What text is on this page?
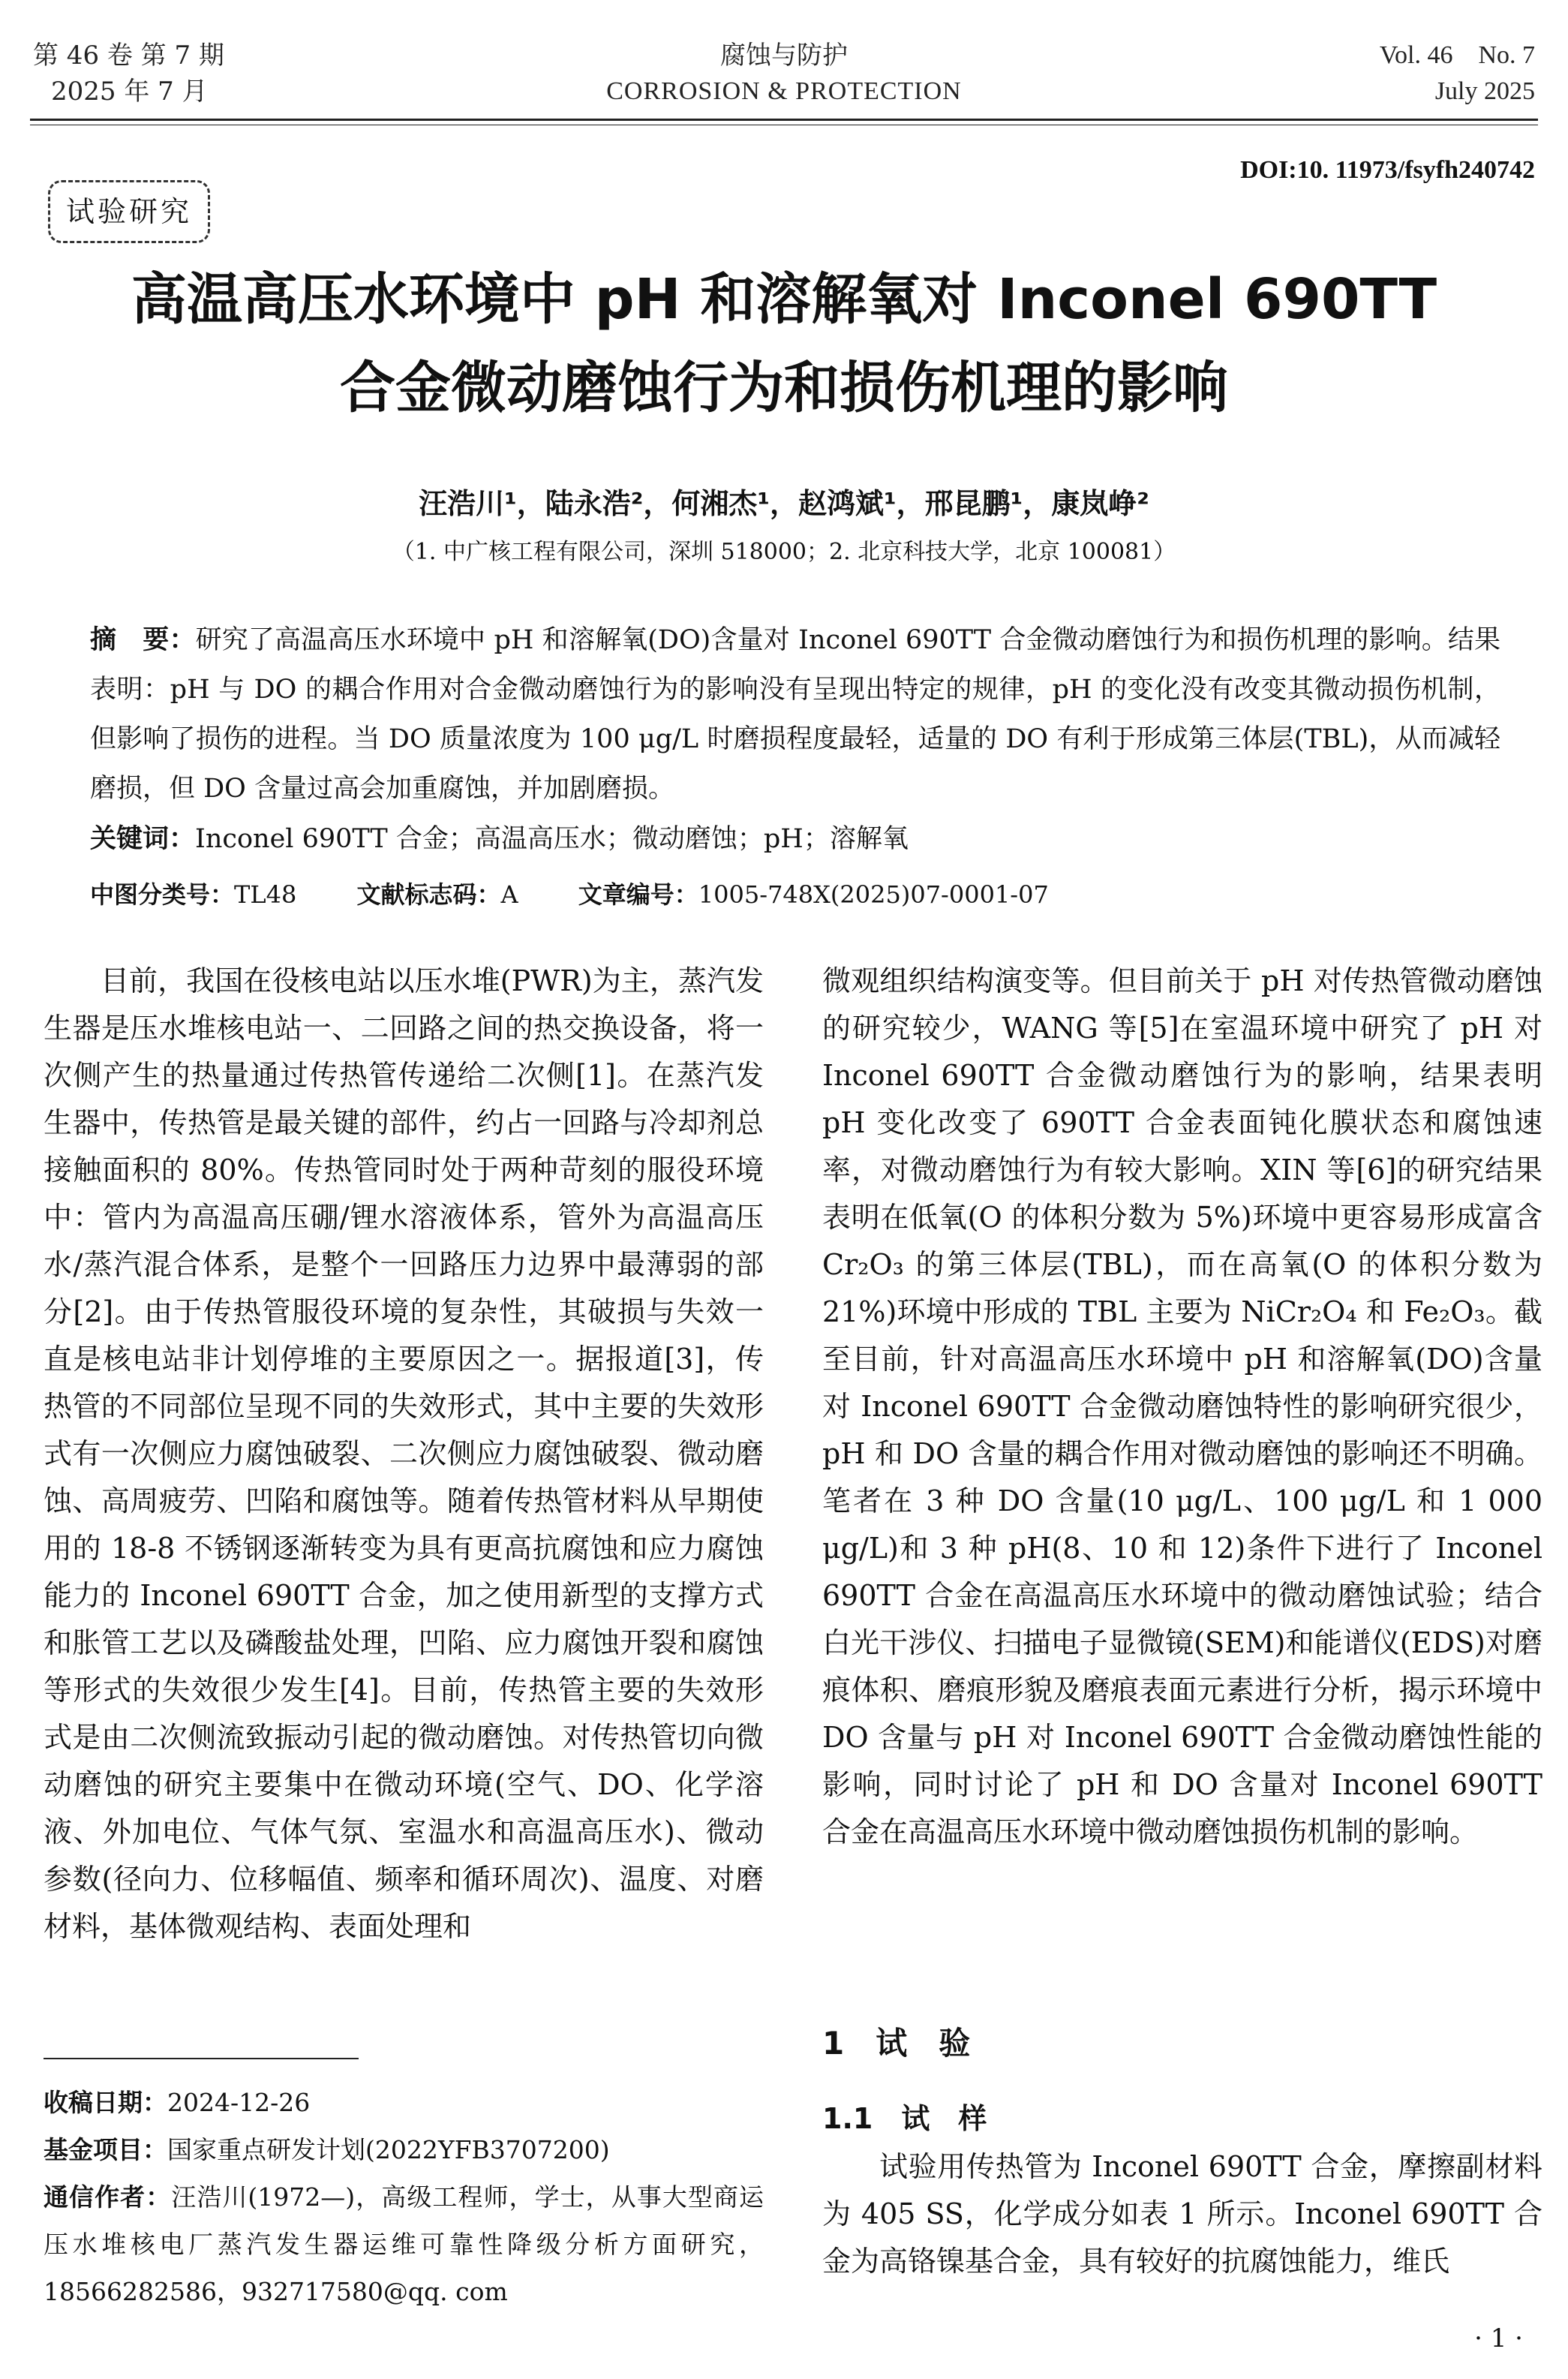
第 46 卷 第 7 期
2025 年 7 月
腐蚀与防护
CORROSION & PROTECTION
Vol. 46    No. 7
July 2025
DOI:10. 11973/fsyfh240742
试验研究
高温高压水环境中 pH 和溶解氧对 Inconel 690TT
合金微动磨蚀行为和损伤机理的影响
汪浩川¹，陆永浩²，何湘杰¹，赵鸿斌¹，邢昆鹏¹，康岚峥²
（1. 中广核工程有限公司，深圳 518000；2. 北京科技大学，北京 100081）
摘　要：研究了高温高压水环境中 pH 和溶解氧(DO)含量对 Inconel 690TT 合金微动磨蚀行为和损伤机理的影响。结果表明：pH 与 DO 的耦合作用对合金微动磨蚀行为的影响没有呈现出特定的规律，pH 的变化没有改变其微动损伤机制，但影响了损伤的进程。当 DO 质量浓度为 100 μg/L 时磨损程度最轻，适量的 DO 有利于形成第三体层(TBL)，从而减轻磨损，但 DO 含量过高会加重腐蚀，并加剧磨损。
关键词：Inconel 690TT 合金；高温高压水；微动磨蚀；pH；溶解氧
中图分类号：TL48	文献标志码：A	文章编号：1005-748X(2025)07-0001-07

目前，我国在役核电站以压水堆(PWR)为主，蒸汽发生器是压水堆核电站一、二回路之间的热交换设备，将一次侧产生的热量通过传热管传递给二次侧[1]。在蒸汽发生器中，传热管是最关键的部件，约占一回路与冷却剂总接触面积的 80%。传热管同时处于两种苛刻的服役环境中：管内为高温高压硼/锂水溶液体系，管外为高温高压水/蒸汽混合体系，是整个一回路压力边界中最薄弱的部分[2]。由于传热管服役环境的复杂性，其破损与失效一直是核电站非计划停堆的主要原因之一。据报道[3]，传热管的不同部位呈现不同的失效形式，其中主要的失效形式有一次侧应力腐蚀破裂、二次侧应力腐蚀破裂、微动磨蚀、高周疲劳、凹陷和腐蚀等。随着传热管材料从早期使用的 18-8 不锈钢逐渐转变为具有更高抗腐蚀和应力腐蚀能力的 Inconel 690TT 合金，加之使用新型的支撑方式和胀管工艺以及磷酸盐处理，凹陷、应力腐蚀开裂和腐蚀等形式的失效很少发生[4]。目前，传热管主要的失效形式是由二次侧流致振动引起的微动磨蚀。对传热管切向微动磨蚀的研究主要集中在微动环境(空气、DO、化学溶液、外加电位、气体气氛、室温水和高温高压水)、微动参数(径向力、位移幅值、频率和循环周次)、温度、对磨材料，基体微观结构、表面处理和

微观组织结构演变等。但目前关于 pH 对传热管微动磨蚀的研究较少，WANG 等[5]在室温环境中研究了 pH 对 Inconel 690TT 合金微动磨蚀行为的影响，结果表明 pH 变化改变了 690TT 合金表面钝化膜状态和腐蚀速率，对微动磨蚀行为有较大影响。XIN 等[6]的研究结果表明在低氧(O 的体积分数为 5%)环境中更容易形成富含 Cr₂O₃ 的第三体层(TBL)，而在高氧(O 的体积分数为 21%)环境中形成的 TBL 主要为 NiCr₂O₄ 和 Fe₂O₃。截至目前，针对高温高压水环境中 pH 和溶解氧(DO)含量对 Inconel 690TT 合金微动磨蚀特性的影响研究很少，pH 和 DO 含量的耦合作用对微动磨蚀的影响还不明确。笔者在 3 种 DO 含量(10 μg/L、100 μg/L 和 1 000 μg/L)和 3 种 pH(8、10 和 12)条件下进行了 Inconel 690TT 合金在高温高压水环境中的微动磨蚀试验；结合白光干涉仪、扫描电子显微镜(SEM)和能谱仪(EDS)对磨痕体积、磨痕形貌及磨痕表面元素进行分析，揭示环境中 DO 含量与 pH 对 Inconel 690TT 合金微动磨蚀性能的影响，同时讨论了 pH 和 DO 含量对 Inconel 690TT 合金在高温高压水环境中微动磨蚀损伤机制的影响。

1　试　验
1.1　试　样

试验用传热管为 Inconel 690TT 合金，摩擦副材料为 405 SS，化学成分如表 1 所示。Inconel 690TT 合金为高铬镍基合金，具有较好的抗腐蚀能力，维氏

收稿日期：2024-12-26
基金项目：国家重点研发计划(2022YFB3707200)
通信作者：汪浩川(1972—)，高级工程师，学士，从事大型商运压水堆核电厂蒸汽发生器运维可靠性降级分析方面研究，18566282586，932717580@qq. com
· 1 ·
